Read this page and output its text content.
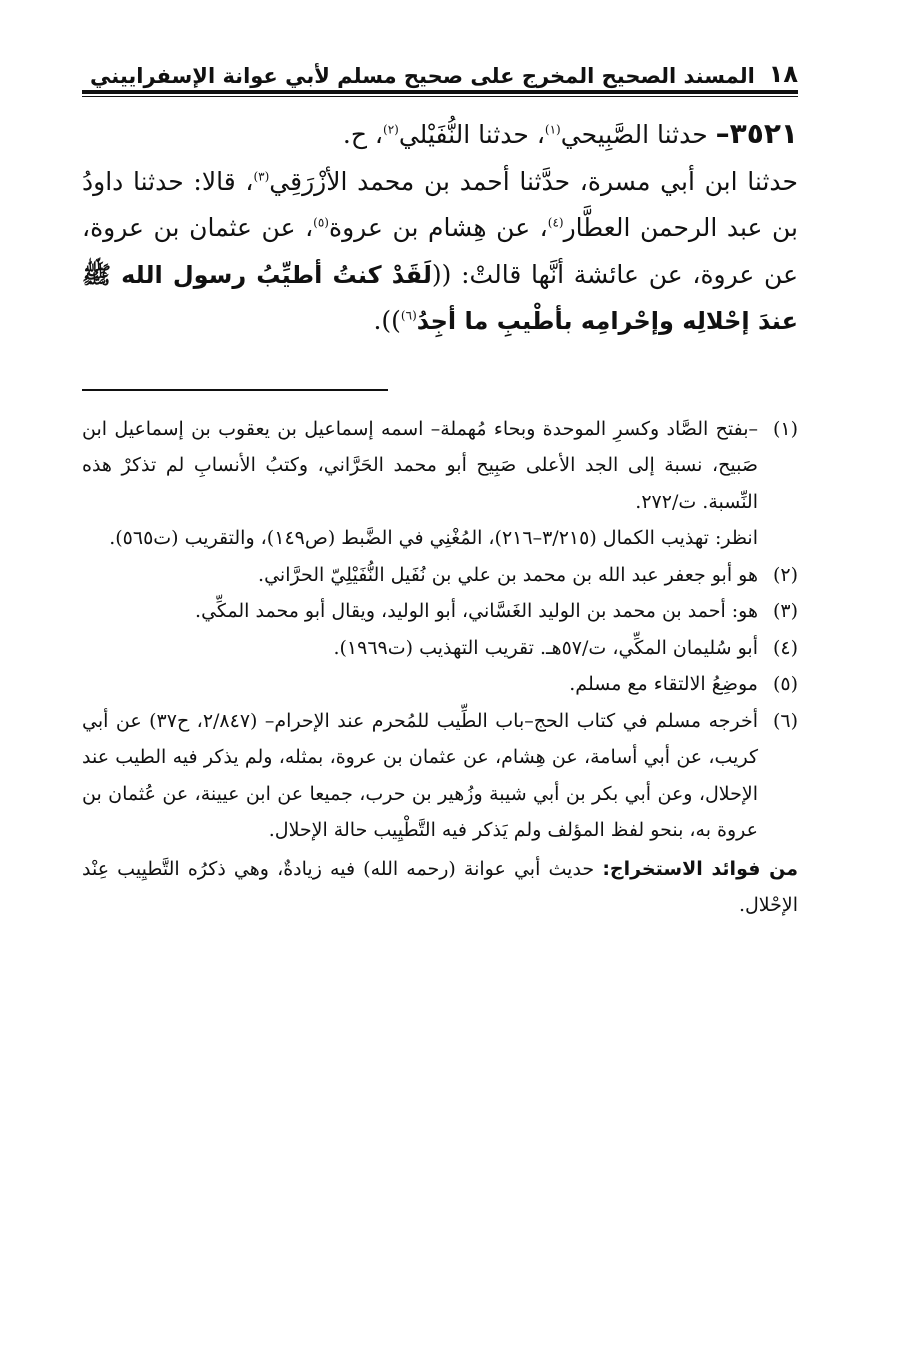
١٨
المسند الصحيح المخرج على صحيح مسلم لأبي عوانة الإسفراييني

٣٥٢١– حدثنا الصَّبِيحي$^{(١)}$، حدثنا النُّفَيْلي$^{(٢)}$، ح.

حدثنا ابن أبي مسرة، حدَّثنا أحمد بن محمد الأزْرَقِي$^{(٣)}$، قالا: حدثنا داودُ بن عبد الرحمن العطَّار$^{(٤)}$، عن هِشام بن عروة$^{(٥)}$، عن عثمان بن عروة، عن عروة، عن عائشة أنَّها قالتْ: ((لَقَدْ كنتُ أطيِّبُ رسول الله ﷺ عندَ إحْلالِه وإحْرامِه بأطْيبِ ما أجِدُ$^{(٦)}$)).

(١)
–بفتح الصَّاد وكسرِ الموحدة وبحاء مُهملة– اسمه إسماعيل بن يعقوب بن إسماعيل ابن صَبيح، نسبة إلى الجد الأعلى صَبِيح أبو محمد الحَرَّاني، وكتبُ الأنسابِ لم تذكرْ هذه النِّسبة. ت/٢٧٢.
انظر: تهذيب الكمال (٣/٢١٥–٢١٦)، المُغْنِي في الضَّبط (ص١٤٩)، والتقريب (ت٥٦٥).
(٢)
هو أبو جعفر عبد الله بن محمد بن علي بن نُفَيل النُّفَيْلِيّ الحرَّاني.
(٣)
هو: أحمد بن محمد بن الوليد الغَسَّاني، أبو الوليد، ويقال أبو محمد المكِّي.
(٤)
أبو سُليمان المكِّي، ت/٥٧هـ. تقريب التهذيب (ت١٩٦٩).
(٥)
موضِعُ الالتقاء مع مسلم.
(٦)
أخرجه مسلم في كتاب الحج–باب الطِّيب للمُحرم عند الإحرام– (٢/٨٤٧، ح٣٧) عن أبي كريب، عن أبي أسامة، عن هِشام، عن عثمان بن عروة، بمثله، ولم يذكر فيه الطيب عند الإحلال، وعن أبي بكر بن أبي شيبة وزُهير بن حرب، جميعا عن ابن عيينة، عن عُثمان بن عروة به، بنحو لفظ المؤلف ولم يَذكر فيه التَّطْيِيب حالة الإحلال.
من فوائد الاستخراج: حديث أبي عوانة (رحمه الله) فيه زيادةٌ، وهي ذكرُه التَّطيِيب عِنْد الإحْلال.
